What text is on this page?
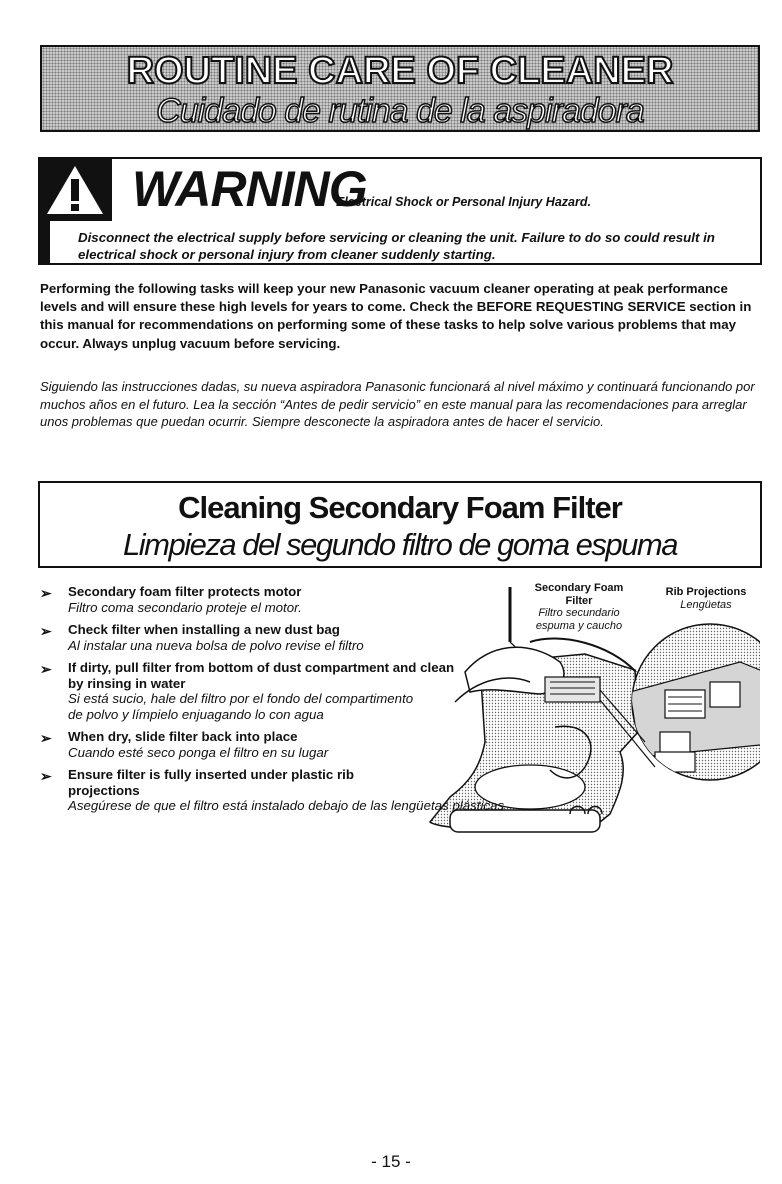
ROUTINE CARE OF CLEANER
Cuidado de rutina de la aspiradora
WARNING
Electrical Shock or Personal Injury Hazard.
Disconnect the electrical supply before servicing or cleaning the unit. Failure to do so could result in electrical shock or personal injury from cleaner suddenly starting.
Performing the following tasks will keep your new Panasonic vacuum cleaner operating at peak performance levels and will ensure these high levels for years to come. Check the BEFORE REQUESTING SERVICE section in this manual for recommendations on performing some of these tasks to help solve various problems that may occur. Always unplug vacuum before servicing.
Siguiendo las instrucciones dadas, su nueva aspiradora Panasonic funcionará al nivel máximo y continuará funcionando por muchos años en el futuro. Lea la sección “Antes de pedir servicio” en este manual para las recomendaciones para arreglar unos problemas que puedan ocurrir. Siempre desconecte la aspiradora antes de hacer el servicio.
Cleaning Secondary Foam Filter
Limpieza del segundo filtro de goma espuma
Secondary Foam Filter
Filtro secundario espuma y caucho
Rib Projections
Lengüetas
➢ Secondary foam filter protects motor
Filtro coma secondario proteje el motor.
➢ Check filter when installing a new dust bag
Al instalar una nueva bolsa de polvo revise el filtro
➢ If dirty, pull filter from bottom of dust compartment and clean by rinsing in water
Si está sucio, hale del filtro por el fondo del compartimento de polvo y límpielo enjuagando lo con agua
➢ When dry, slide filter back into place
Cuando esté seco ponga el filtro en su lugar
➢ Ensure filter is fully inserted under plastic rib projections
Asegúrese de que el filtro está instalado debajo de las lengüetas plásticas
- 15 -
